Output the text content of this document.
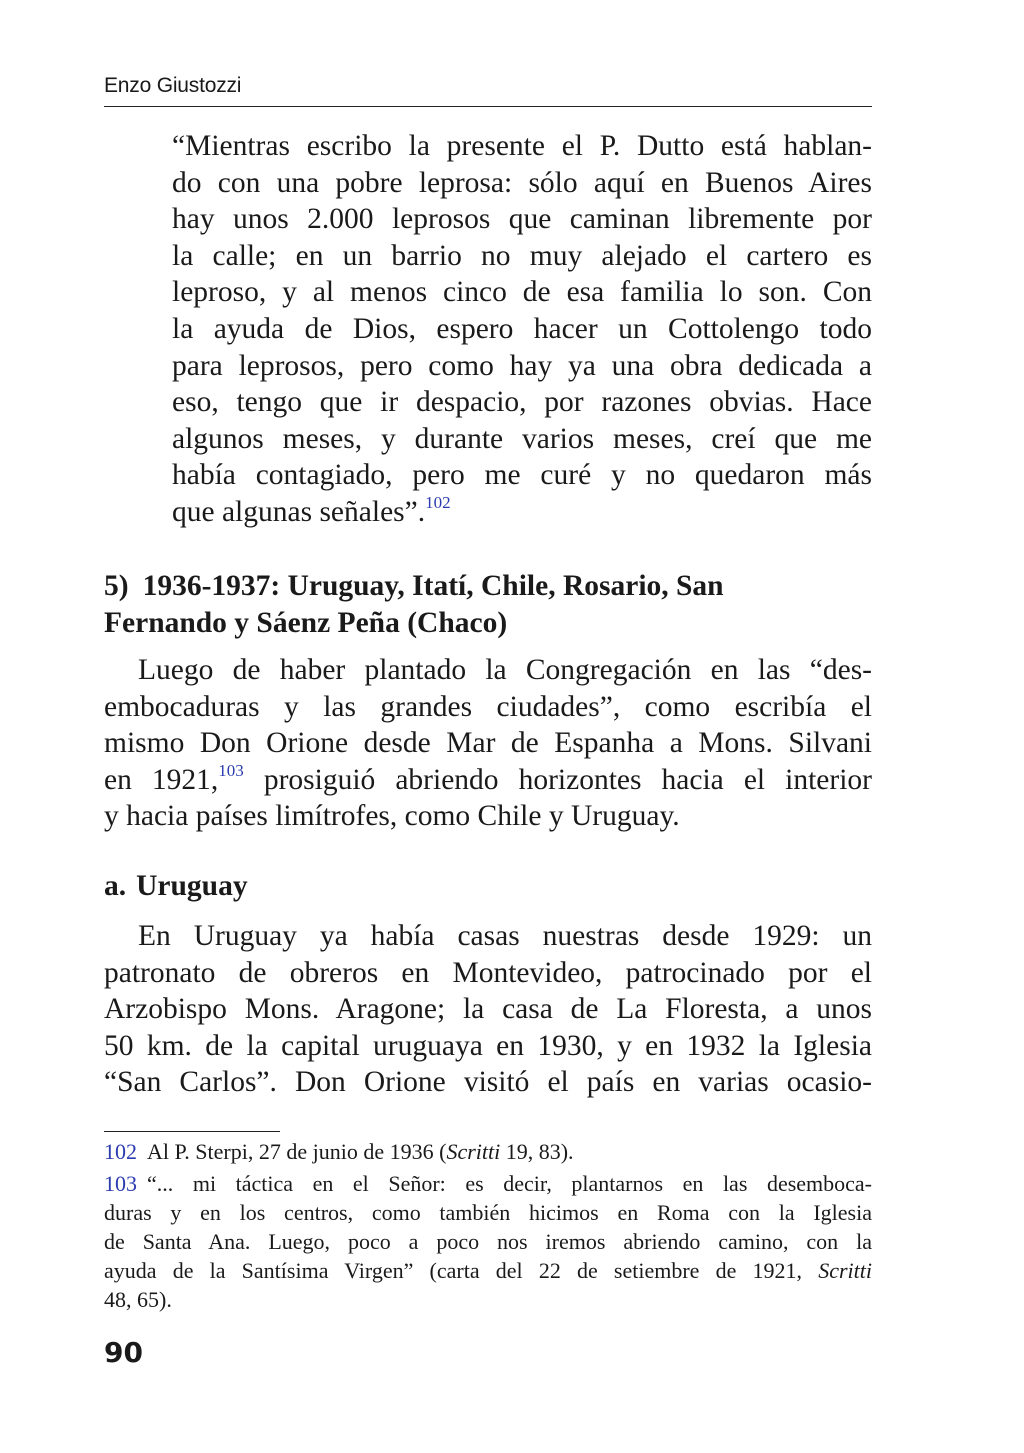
Enzo Giustozzi
“Mientras escribo la presente el P. Dutto está hablan-
do con una pobre leprosa: sólo aquí en Buenos Aires
hay unos 2.000 leprosos que caminan libremente por
la calle; en un barrio no muy alejado el cartero es
leproso, y al menos cinco de esa familia lo son. Con
la ayuda de Dios, espero hacer un Cottolengo todo
para leprosos, pero como hay ya una obra dedicada a
eso, tengo que ir despacio, por razones obvias. Hace
algunos meses, y durante varios meses, creí que me
había contagiado, pero me curé y no quedaron más
que algunas señales”.$^{102}$
5) 1936-1937: Uruguay, Itatí, Chile, Rosario, San
Fernando y Sáenz Peña (Chaco)
Luego de haber plantado la Congregación en las “des-
embocaduras y las grandes ciudades”, como escribía el
mismo Don Orione desde Mar de Espanha a Mons. Silvani
en 1921,$^{103}$ prosiguió abriendo horizontes hacia el interior
y hacia países limítrofes, como Chile y Uruguay.
a. Uruguay
En Uruguay ya había casas nuestras desde 1929: un
patronato de obreros en Montevideo, patrocinado por el
Arzobispo Mons. Aragone; la casa de La Floresta, a unos
50 km. de la capital uruguaya en 1930, y en 1932 la Iglesia
“San Carlos”. Don Orione visitó el país en varias ocasio-
102 Al P. Sterpi, 27 de junio de 1936 (Scritti 19, 83).
103 “... mi táctica en el Señor: es decir, plantarnos en las desemboca-
duras y en los centros, como también hicimos en Roma con la Iglesia
de Santa Ana. Luego, poco a poco nos iremos abriendo camino, con la
ayuda de la Santísima Virgen” (carta del 22 de setiembre de 1921, Scritti
48, 65).
90
